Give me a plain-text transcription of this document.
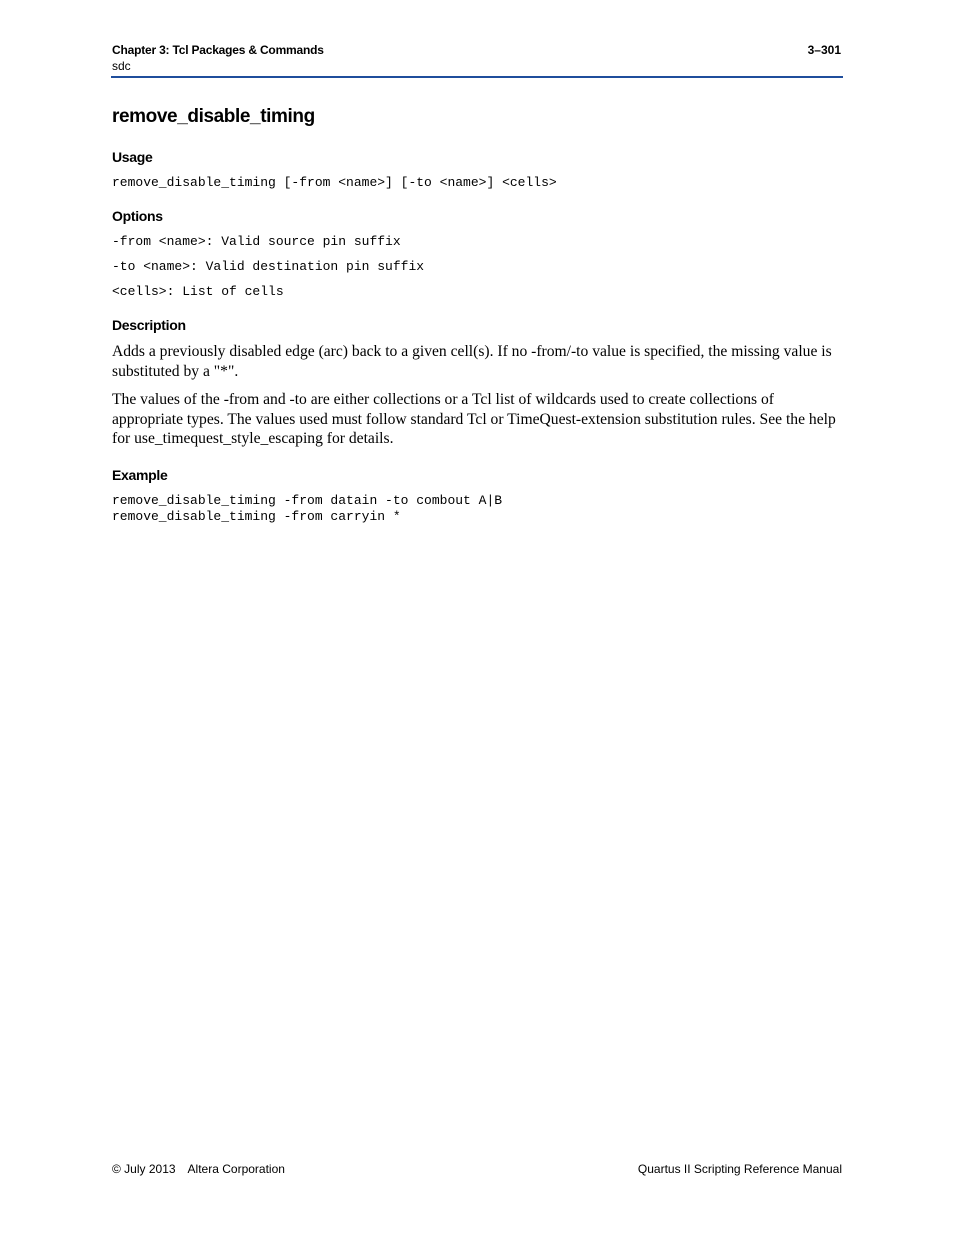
Chapter 3: Tcl Packages & Commands	3–301
sdc
remove_disable_timing
Usage
remove_disable_timing [-from <name>] [-to <name>] <cells>
Options
-from <name>: Valid source pin suffix
-to <name>: Valid destination pin suffix
<cells>: List of cells
Description

Adds a previously disabled edge (arc) back to a given cell(s). If no -from/-to value is specified, the missing value is substituted by a "*".

The values of the -from and -to are either collections or a Tcl list of wildcards used to create collections of appropriate types. The values used must follow standard Tcl or TimeQuest-extension substitution rules. See the help for use_timequest_style_escaping for details.

Example
remove_disable_timing -from datain -to combout A|B
remove_disable_timing -from carryin *
© July 2013 Altera Corporation	Quartus II Scripting Reference Manual
